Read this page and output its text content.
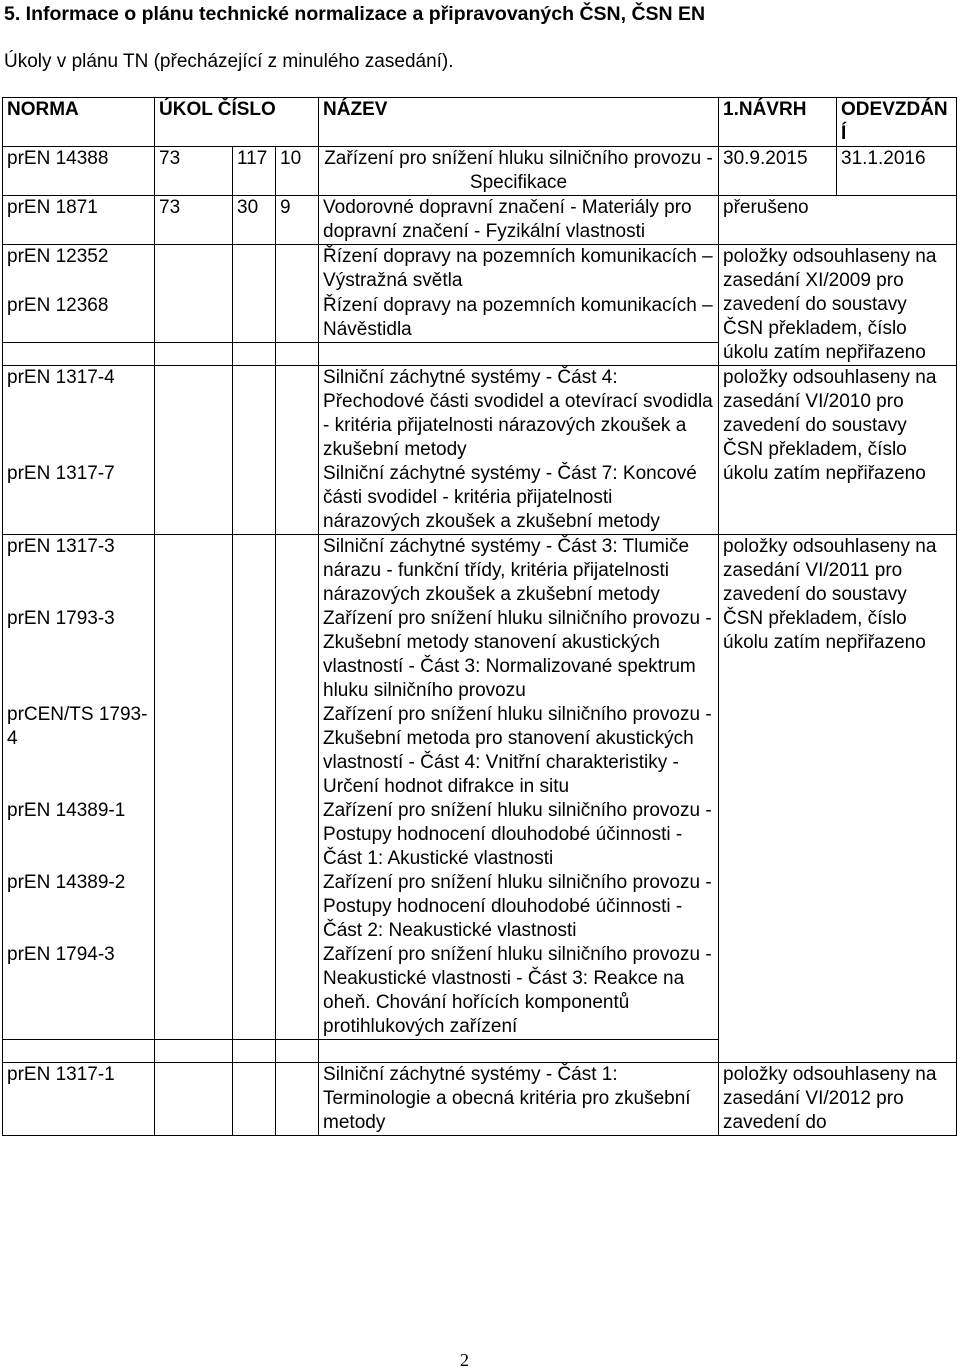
5. Informace o plánu technické normalizace a připravovaných ČSN, ČSN EN
Úkoly v plánu TN (přecházející z minulého zasedání).
NORMA	ÚKOL ČÍSLO			NÁZEV	1.NÁVRH	ODEVZDÁNÍ
prEN 14388	73	117	10	Zařízení pro snížení hluku silničního provozu - Specifikace	30.9.2015	31.1.2016
prEN 1871	73	30	9	Vodorovné dopravní značení - Materiály pro dopravní značení - Fyzikální vlastnosti	přerušeno	
prEN 12352				Řízení dopravy na pozemních komunikacích – Výstražná světla	položky odsouhlaseny na zasedání XI/2009 pro zavedení do soustavy ČSN překladem, číslo úkolu zatím nepřiřazeno	
prEN 12368				Řízení dopravy na pozemních komunikacích – Návěstidla		

prEN 1317-4				Silniční záchytné systémy - Část 4: Přechodové části svodidel a otevírací svodidla - kritéria přijatelnosti nárazových zkoušek a zkušební metody	položky odsouhlaseny na zasedání VI/2010 pro zavedení do soustavy ČSN překladem, číslo úkolu zatím nepřiřazeno	
prEN 1317-7				Silniční záchytné systémy - Část 7: Koncové části svodidel - kritéria přijatelnosti nárazových zkoušek a zkušební metody		
prEN 1317-3				Silniční záchytné systémy - Část 3: Tlumiče nárazu - funkční třídy, kritéria přijatelnosti nárazových zkoušek a zkušební metody	položky odsouhlaseny na zasedání VI/2011 pro zavedení do soustavy ČSN překladem, číslo úkolu zatím nepřiřazeno	
prEN 1793-3				Zařízení pro snížení hluku silničního provozu - Zkušební metody stanovení akustických vlastností - Část 3: Normalizované spektrum hluku silničního provozu		
prCEN/TS 1793-4				Zařízení pro snížení hluku silničního provozu - Zkušební metoda pro stanovení akustických vlastností - Část 4: Vnitřní charakteristiky - Určení hodnot difrakce in situ		
prEN 14389-1				Zařízení pro snížení hluku silničního provozu - Postupy hodnocení dlouhodobé účinnosti - Část 1: Akustické vlastnosti		
prEN 14389-2				Zařízení pro snížení hluku silničního provozu - Postupy hodnocení dlouhodobé účinnosti - Část 2: Neakustické vlastnosti		
prEN 1794-3				Zařízení pro snížení hluku silničního provozu - Neakustické vlastnosti - Část 3: Reakce na oheň. Chování hořících komponentů protihlukových zařízení		

prEN 1317-1				Silniční záchytné systémy - Část 1: Terminologie a obecná kritéria pro zkušební metody	položky odsouhlaseny na zasedání VI/2012 pro zavedení do	
2
